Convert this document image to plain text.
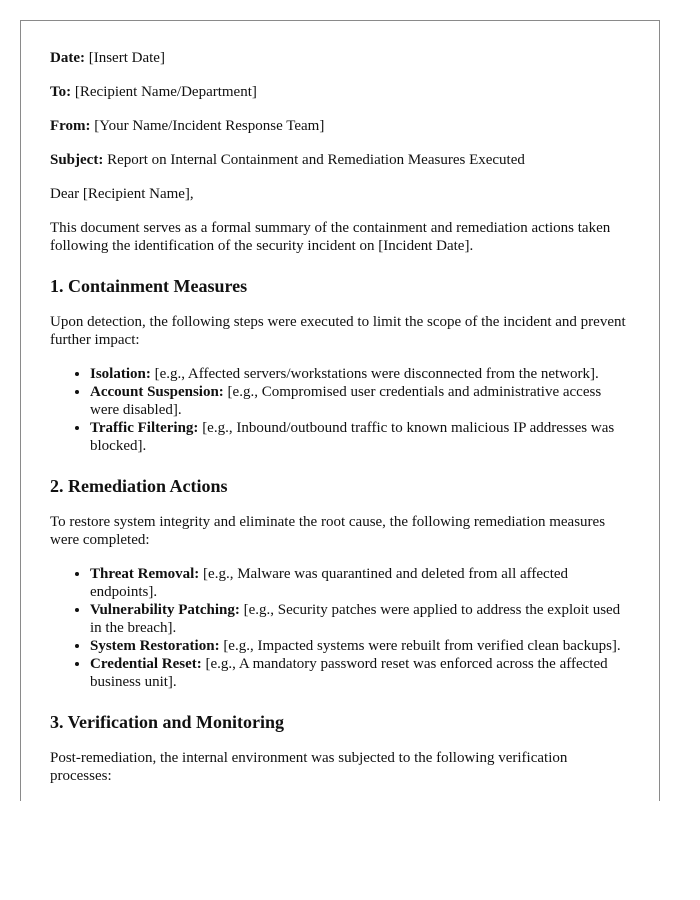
Date: [Insert Date]

To: [Recipient Name/Department]

From: [Your Name/Incident Response Team]

Subject: Report on Internal Containment and Remediation Measures Executed

Dear [Recipient Name],

This document serves as a formal summary of the containment and remediation actions taken following the identification of the security incident on [Incident Date].

1. Containment Measures

Upon detection, the following steps were executed to limit the scope of the incident and prevent further impact:

• Isolation: [e.g., Affected servers/workstations were disconnected from the network].
• Account Suspension: [e.g., Compromised user credentials and administrative access were disabled].
• Traffic Filtering: [e.g., Inbound/outbound traffic to known malicious IP addresses was blocked].
2. Remediation Actions

To restore system integrity and eliminate the root cause, the following remediation measures were completed:

• Threat Removal: [e.g., Malware was quarantined and deleted from all affected endpoints].
• Vulnerability Patching: [e.g., Security patches were applied to address the exploit used in the breach].
• System Restoration: [e.g., Impacted systems were rebuilt from verified clean backups].
• Credential Reset: [e.g., A mandatory password reset was enforced across the affected business unit].
3. Verification and Monitoring

Post-remediation, the internal environment was subjected to the following verification processes:
